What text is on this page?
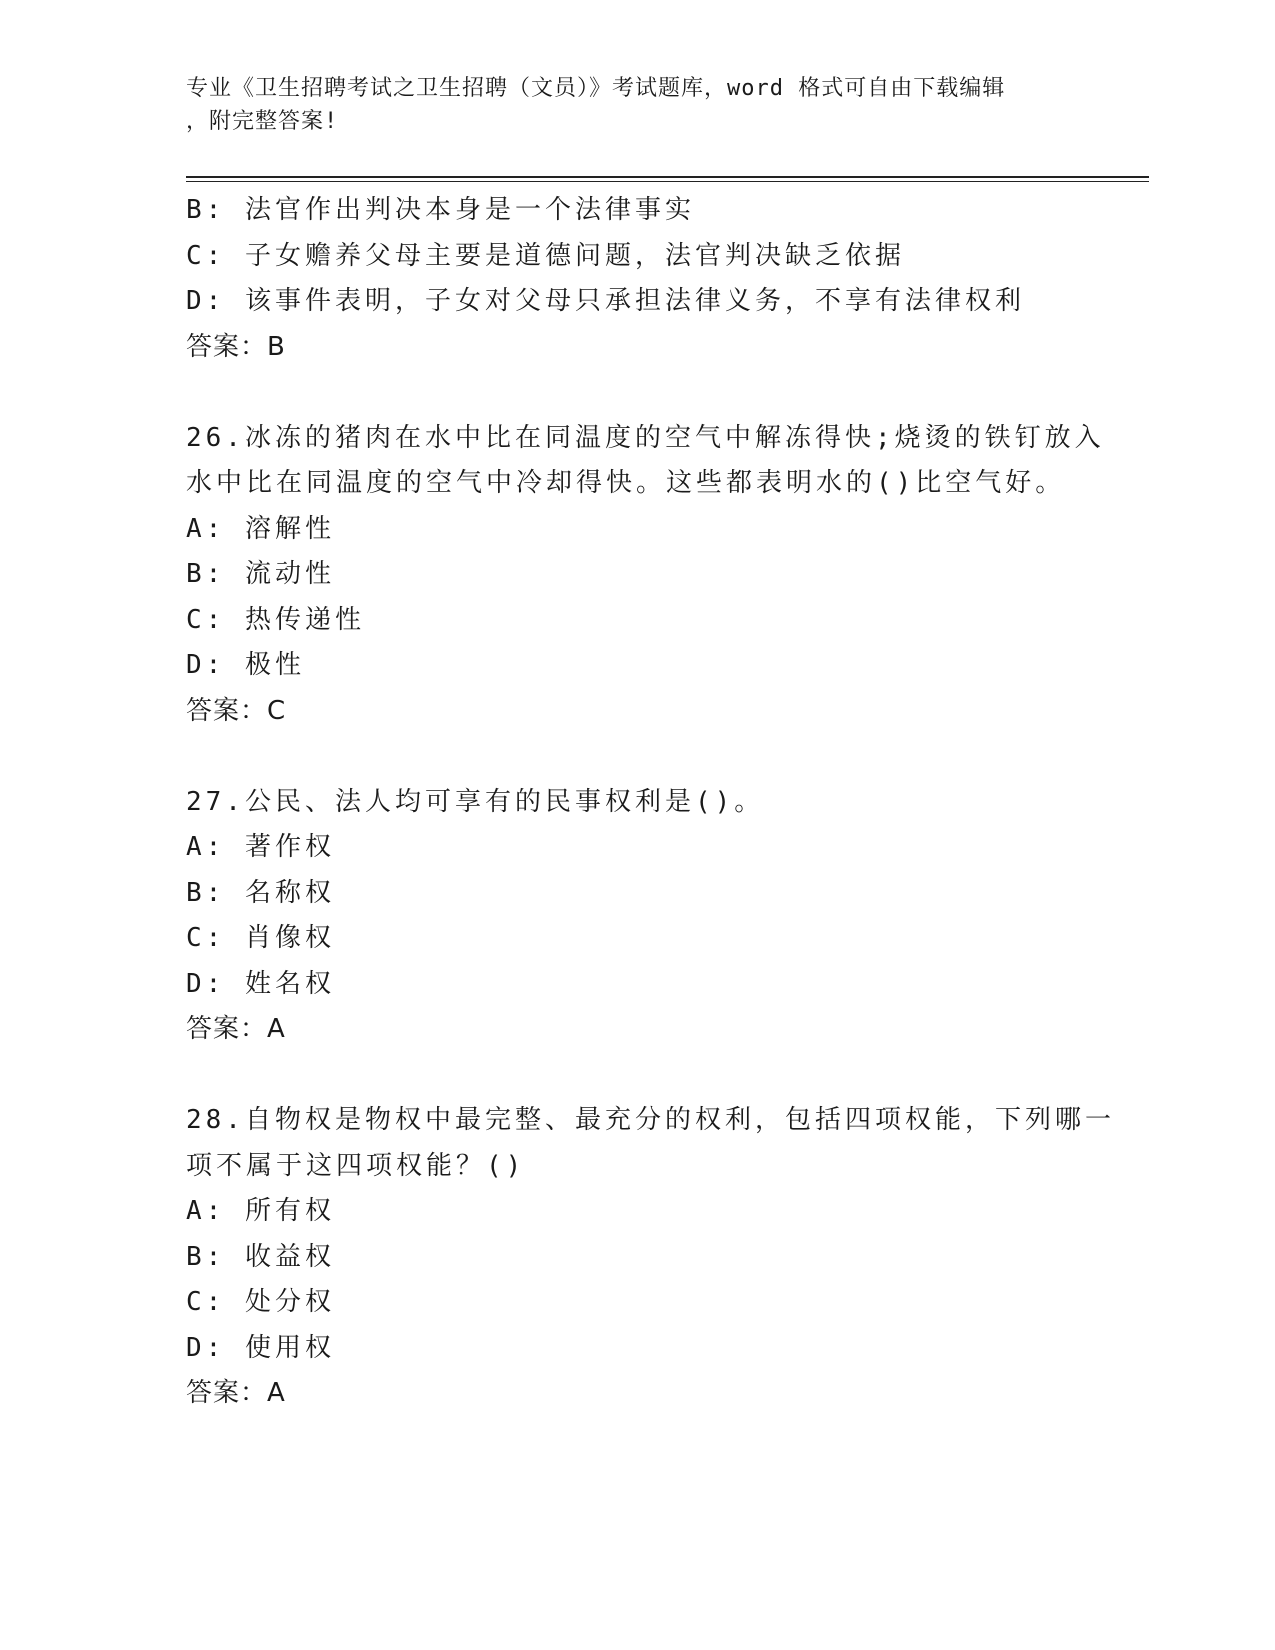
专业《卫生招聘考试之卫生招聘（文员）》考试题库，word 格式可自由下载编辑
，附完整答案!
B: 法官作出判决本身是一个法律事实
C: 子女赡养父母主要是道德问题，法官判决缺乏依据
D: 该事件表明，子女对父母只承担法律义务，不享有法律权利
答案：B
26.冰冻的猪肉在水中比在同温度的空气中解冻得快;烧烫的铁钉放入
水中比在同温度的空气中冷却得快。这些都表明水的()比空气好。
A: 溶解性
B: 流动性
C: 热传递性
D: 极性
答案：C
27.公民、法人均可享有的民事权利是()。
A: 著作权
B: 名称权
C: 肖像权
D: 姓名权
答案：A
28.自物权是物权中最完整、最充分的权利，包括四项权能，下列哪一
项不属于这四项权能？()
A: 所有权
B: 收益权
C: 处分权
D: 使用权
答案：A
